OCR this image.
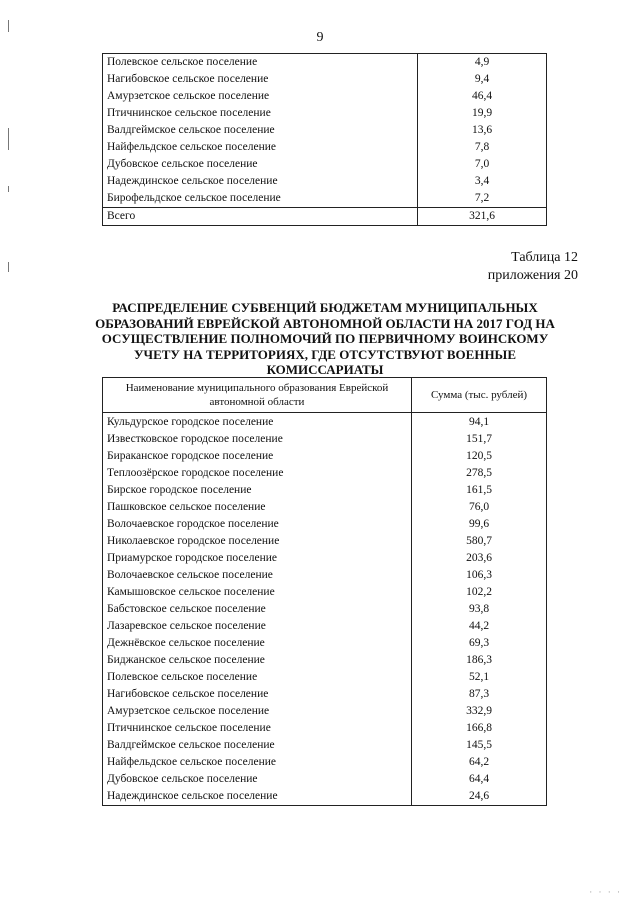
9
Полевское сельское поселение	4,9
Нагибовское сельское поселение	9,4
Амурзетское сельское поселение	46,4
Птичнинское сельское поселение	19,9
Валдгеймское сельское поселение	13,6
Найфельдское сельское поселение	7,8
Дубовское сельское поселение	7,0
Надеждинское сельское поселение	3,4
Бирофельдское сельское поселение	7,2
Всего	321,6
Таблица 12
приложения 20
РАСПРЕДЕЛЕНИЕ СУБВЕНЦИЙ БЮДЖЕТАМ МУНИЦИПАЛЬНЫХ ОБРАЗОВАНИЙ ЕВРЕЙСКОЙ АВТОНОМНОЙ ОБЛАСТИ НА 2017 ГОД НА ОСУЩЕСТВЛЕНИЕ ПОЛНОМОЧИЙ ПО ПЕРВИЧНОМУ ВОИНСКОМУ УЧЕТУ НА ТЕРРИТОРИЯХ, ГДЕ ОТСУТСТВУЮТ ВОЕННЫЕ КОМИССАРИАТЫ
Наименование муниципального образования Еврейской автономной области	Сумма (тыс. рублей)
Кульдурское городское поселение	94,1
Известковское городское поселение	151,7
Бираканское городское поселение	120,5
Теплоозёрское городское поселение	278,5
Бирское городское поселение	161,5
Пашковское сельское поселение	76,0
Волочаевское городское поселение	99,6
Николаевское городское поселение	580,7
Приамурское городское поселение	203,6
Волочаевское сельское поселение	106,3
Камышовское сельское поселение	102,2
Бабстовское сельское поселение	93,8
Лазаревское сельское поселение	44,2
Дежнёвское сельское поселение	69,3
Биджанское сельское поселение	186,3
Полевское сельское поселение	52,1
Нагибовское сельское поселение	87,3
Амурзетское сельское поселение	332,9
Птичнинское сельское поселение	166,8
Валдгеймское сельское поселение	145,5
Найфельдское сельское поселение	64,2
Дубовское сельское поселение	64,4
Надеждинское сельское поселение	24,6
· · · ·
